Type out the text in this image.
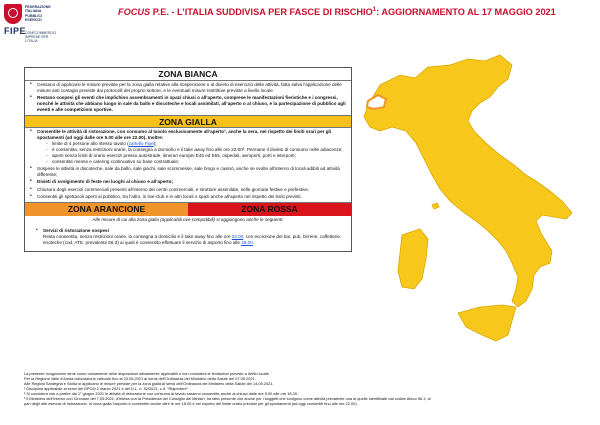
FEDERAZIONE ITALIANA PUBBLICI ESERCIZI
FIPE
CONFCOMMERCIO IMPRESE PER L'ITALIA
FOCUS P.E. - L’ITALIA SUDDIVISA PER FASCE DI RISCHIO$^1$: AGGIORNAMENTO AL 17 MAGGIO 2021
ZONA BIANCA
• Cessano di applicarsi le misure previste per la zona gialla relative alla sospensione o al divieto di esercizio delle attività, fatta salva l'applicazione delle misure anti contagio previste dai protocolli del proprio settore, e le eventuali misure restrittive previste a livello locale.
• Restano sospesi gli eventi che implichino assembramenti in spazi chiusi o all’aperto, comprese le manifestazioni fieristiche e i congressi, nonché le attività che abbiano luogo in sale da ballo e discoteche e locali assimilati, all’aperto o al chiuso, e la partecipazione di pubblico agli eventi e alle competizioni sportive.
ZONA GIALLA
• Consentite le attività di ristorazione, con consumo al tavolo esclusivamente all’aperto², anche la sera, nel rispetto dei limiti orari per gli spostamenti (ad oggi dalle ore 5.00 alle ore 22.00). Inoltre:
- limite di 4 persone allo stesso tavolo (cartello Fipe);
- è consentita, senza restrizioni orarie, la consegna a domicilio e il take away fino alle ore 22:00³. Permane il divieto di consumo nelle adiacenze;
- aperti senza limiti di orario esercizi presso autostrade, itinerari europei E45 ed E55, ospedali, aeroporti, porti e interporti;
- consentite mense e catering continuativo su base contrattuale;
• Sospese le attività in discoteche, sale da ballo, sale giochi, sale scommesse, sale bingo e casinò, anche se svolte all’interno di locali adibiti ad attività differente;
• Divieti di svolgimento di feste nei luoghi al chiuso e all’aperto;
• Chiusura degli esercizi commerciali presenti all’interno dei centri commerciali, e strutture assimilate, nelle giornate festive e prefestive.
• Consentiti gli spettacoli aperti al pubblico, tra l’altro, in live-club e in altri locali o spazi anche all’aperto nel rispetto dei limiti previsti.
ZONA ARANCIONE	ZONA ROSSA
Alle misure di cui alla zona gialla (applicabili ove compatibili) si aggiungono anche le seguenti:
• Servizi di ristorazione sospesi
Resta consentita, senza restrizioni orarie, la consegna a domicilio e il take away fino alle ore 22.00, con eccezione dei bar, pub, birrerie, caffetterie, enoteche (cod. ATE. prevalente 56.3) ai quali è consentito effettuare il servizio di asporto fino alle 18.00.
La presente ricognizione tiene conto unicamente delle disposizioni attualmente applicabili e non considera le limitazioni previste a livello locale.
Per la Regione Valle d’Aosta collocazione valevole fino al 23.05.2021 ai sensi dell’Ordinanza del Ministero della Salute del 07.05.2021.
Alle Regioni Sardegna e Sicilia si applicano le misure previste per la zona gialla ai sensi dell’Ordinanza del Ministero della Salute del 14.05.2021.
¹ Disciplina applicabile ai sensi del DPCM 2 marzo 2021 e del D.L. n. 52/2021, c.d. “Riaperture”.
² Si considera che a partire dal 1° giugno 2021 le attività di ristorazione con consumo al tavolo saranno consentite anche al chiuso dalle ore 5.00 alle ore 18.00.
³ Il Ministero dell’Interno con Circolare del 7.05.2021, d’intesa con la Presidenza del Consiglio dei Ministri, ha fatto presente che anche per i soggetti che svolgono come attività prevalente una di quelle identificate dal codice Ateco 56.3, al
pari degli altri esercizi di ristorazione, in zona gialla l’asporto è consentito anche oltre le ore 18:00 e nel rispetto del limite orario previsto per gli spostamenti (ad oggi consentiti fino alle ore 22.00).
